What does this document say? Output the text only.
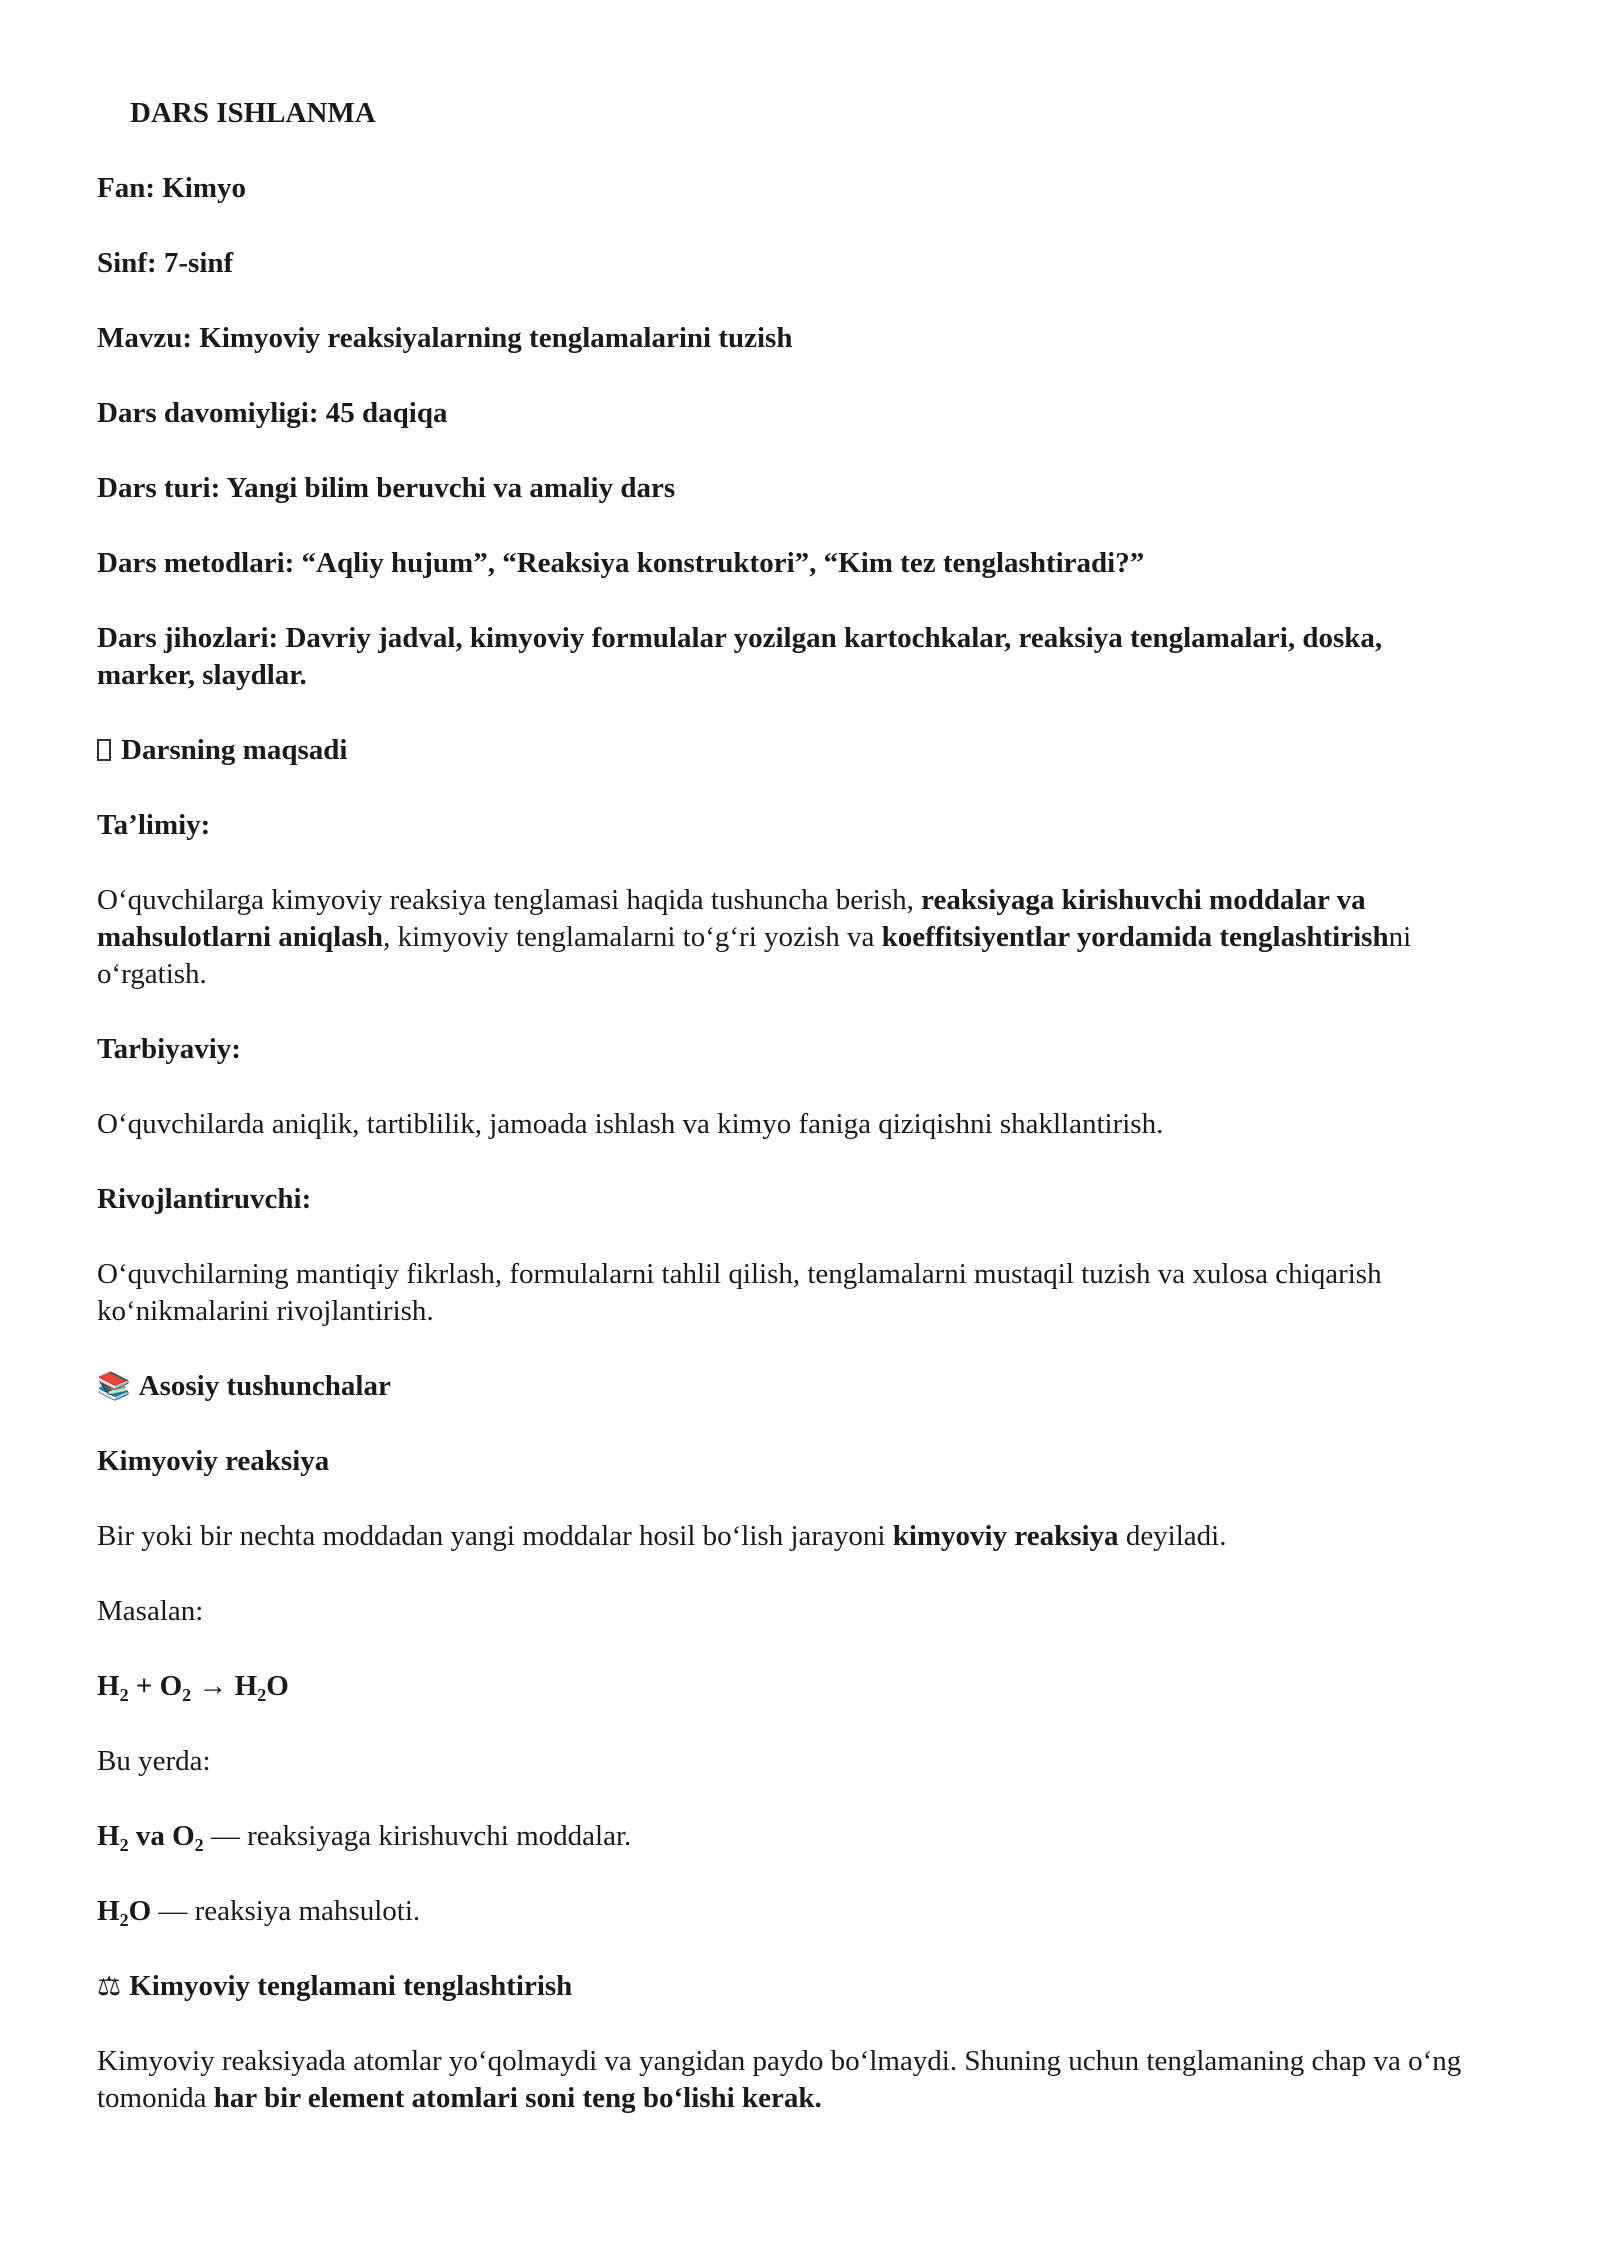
DARS ISHLANMA
Fan: Kimyo
Sinf: 7-sinf
Mavzu: Kimyoviy reaksiyalarning tenglamalarini tuzish
Dars davomiyligi: 45 daqiqa
Dars turi: Yangi bilim beruvchi va amaliy dars
Dars metodlari: “Aqliy hujum”, “Reaksiya konstruktori”, “Kim tez tenglashtiradi?”
Dars jihozlari: Davriy jadval, kimyoviy formulalar yozilgan kartochkalar, reaksiya tenglamalari, doska, marker, slaydlar.
Darsning maqsadi
Ta’limiy:
O‘quvchilarga kimyoviy reaksiya tenglamasi haqida tushuncha berish, reaksiyaga kirishuvchi moddalar va mahsulotlarni aniqlash, kimyoviy tenglamalarni to‘g‘ri yozish va koeffitsiyentlar yordamida tenglashtirishni o‘rgatish.
Tarbiyaviy:
O‘quvchilarda aniqlik, tartiblilik, jamoada ishlash va kimyo faniga qiziqishni shakllantirish.
Rivojlantiruvchi:
O‘quvchilarning mantiqiy fikrlash, formulalarni tahlil qilish, tenglamalarni mustaqil tuzish va xulosa chiqarish ko‘nikmalarini rivojlantirish.
📚 Asosiy tushunchalar
Kimyoviy reaksiya
Bir yoki bir nechta moddadan yangi moddalar hosil bo‘lish jarayoni kimyoviy reaksiya deyiladi.
Masalan:
$H_2 + O_2 \to H_2O$
Bu yerda:
$H_2$ va $O_2$ — reaksiyaga kirishuvchi moddalar.
$H_2O$ — reaksiya mahsuloti.
⚖ Kimyoviy tenglamani tenglashtirish
Kimyoviy reaksiyada atomlar yo‘qolmaydi va yangidan paydo bo‘lmaydi. Shuning uchun tenglamaning chap va o‘ng tomonida har bir element atomlari soni teng bo‘lishi kerak.
